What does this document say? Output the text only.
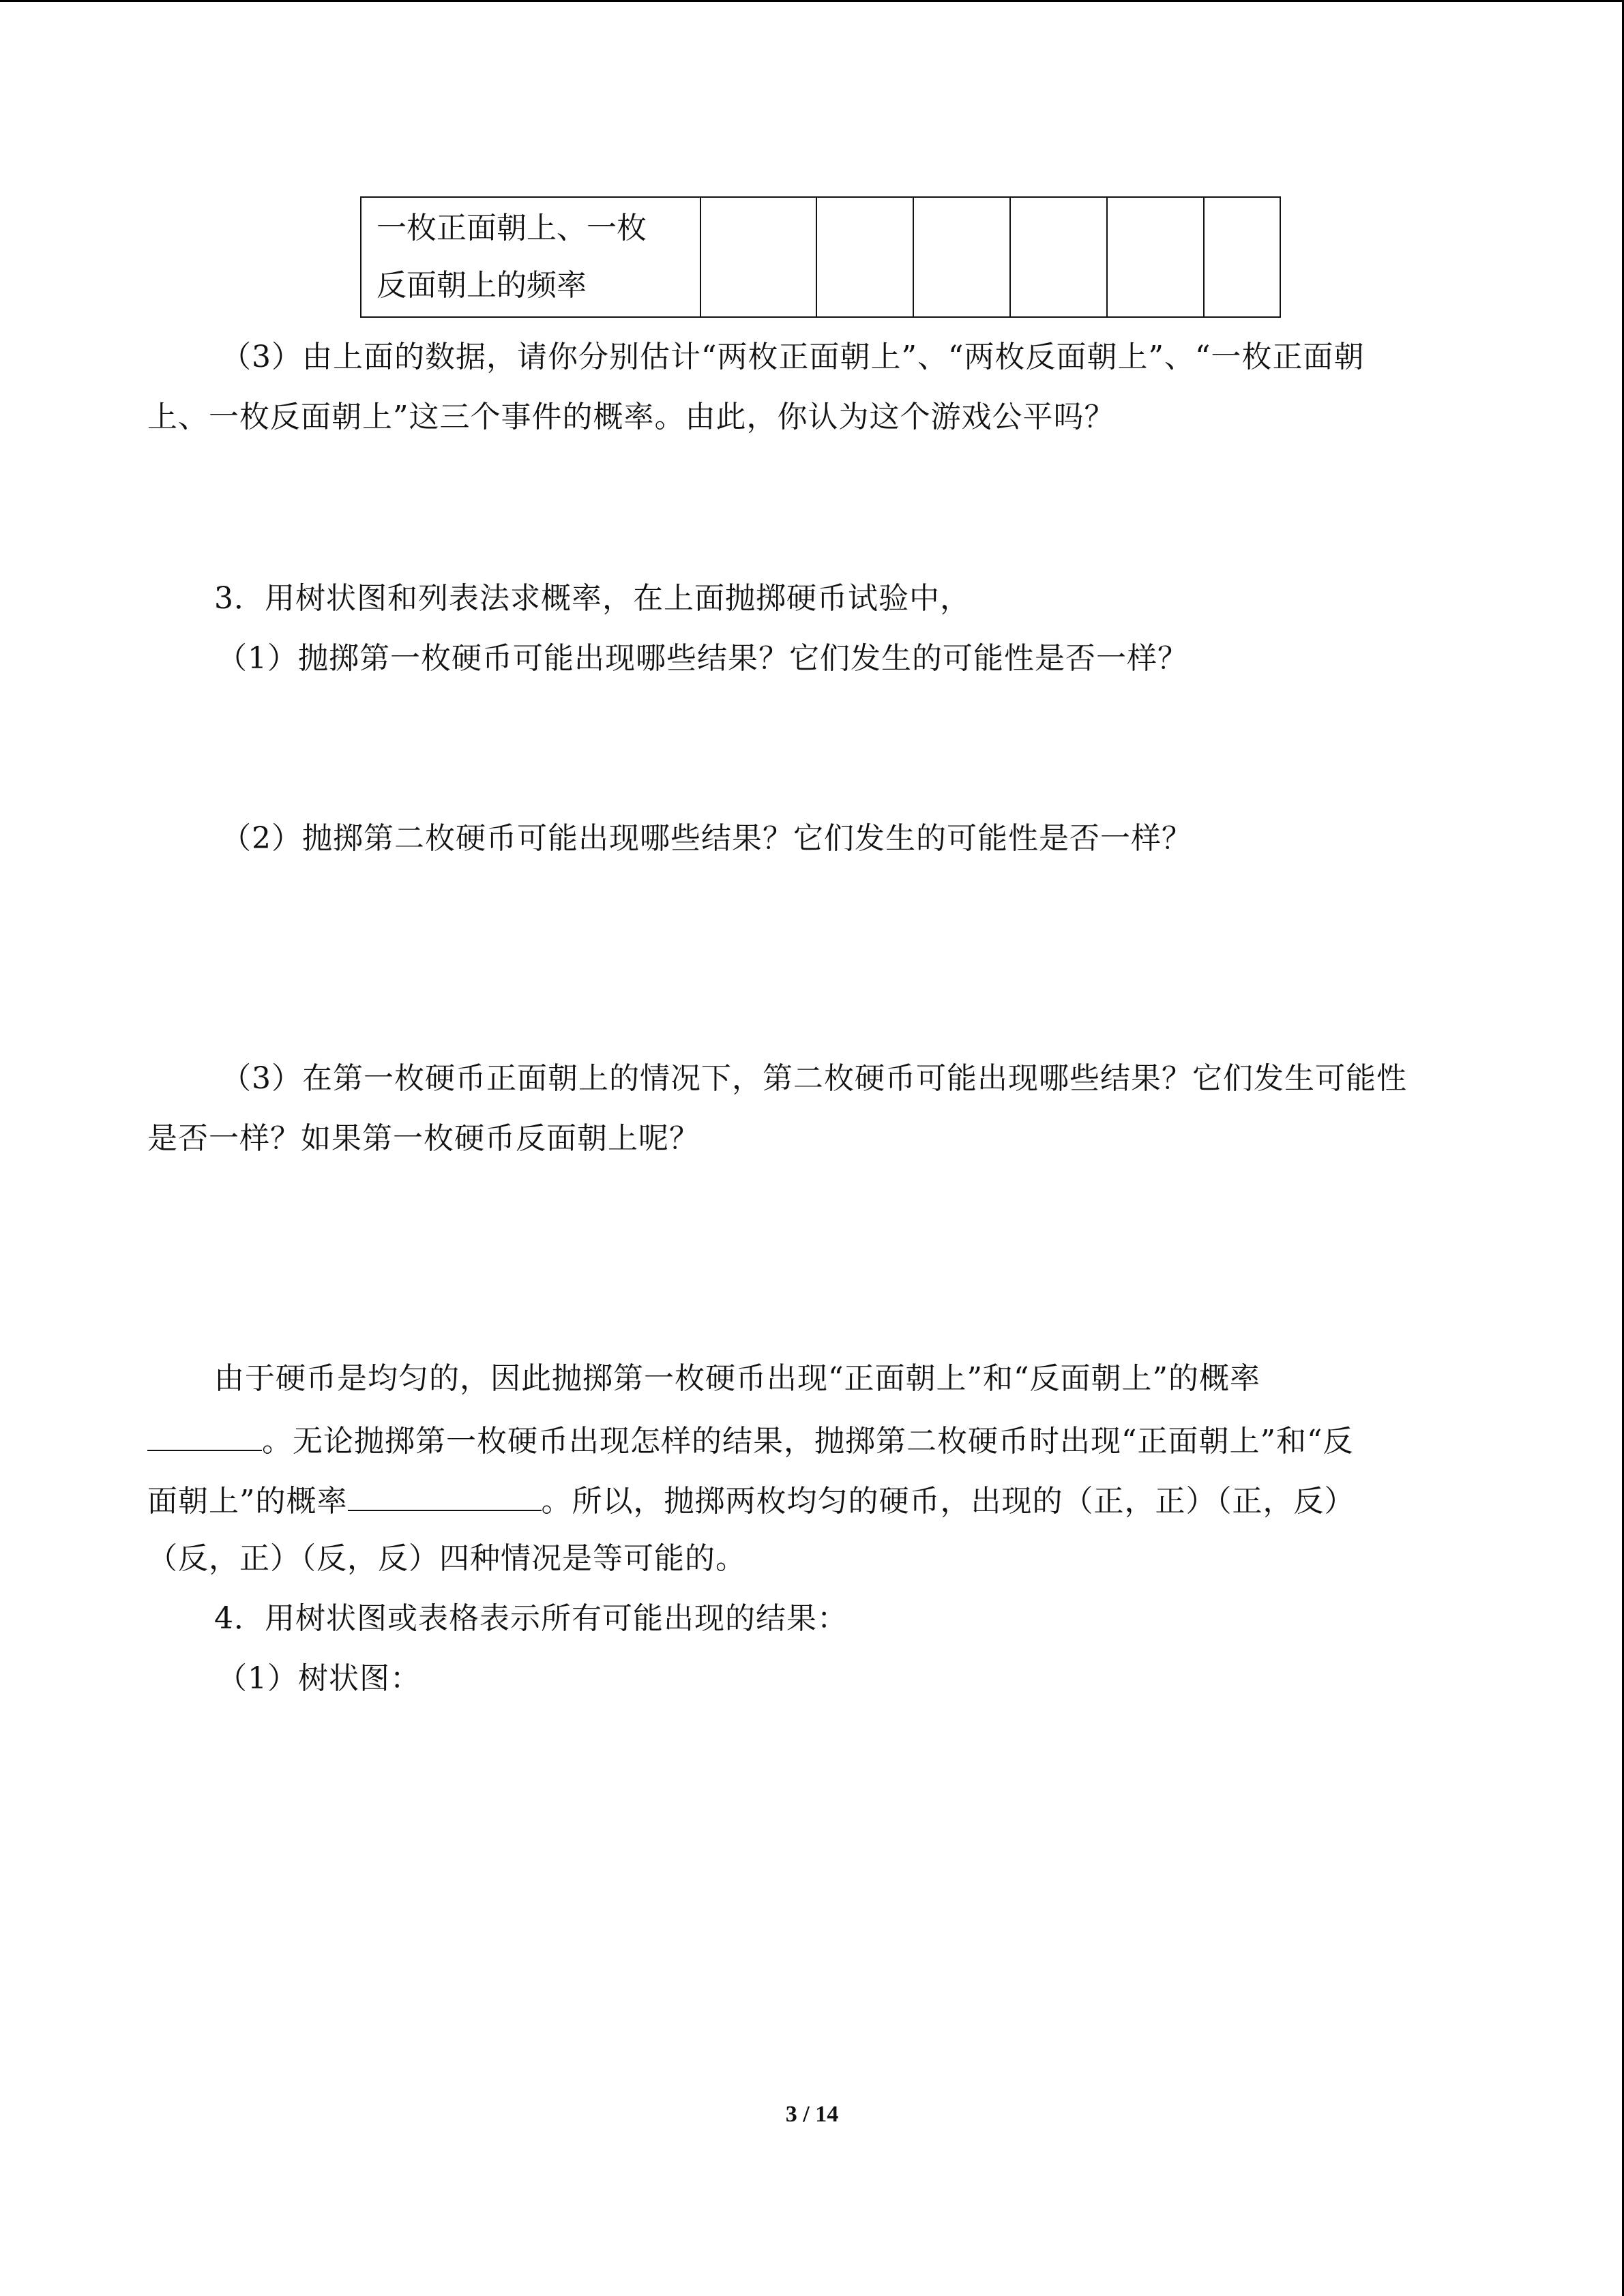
一枚正面朝上、一枚
反面朝上的频率

（3）由上面的数据，请你分别估计“两枚正面朝上”、“两枚反面朝上”、“一枚正面朝
上、一枚反面朝上”这三个事件的概率。由此，你认为这个游戏公平吗？
3．用树状图和列表法求概率，在上面抛掷硬币试验中，
（1）抛掷第一枚硬币可能出现哪些结果？它们发生的可能性是否一样？
（2）抛掷第二枚硬币可能出现哪些结果？它们发生的可能性是否一样？
（3）在第一枚硬币正面朝上的情况下，第二枚硬币可能出现哪些结果？它们发生可能性
是否一样？如果第一枚硬币反面朝上呢？
由于硬币是均匀的，因此抛掷第一枚硬币出现“正面朝上”和“反面朝上”的概率
。无论抛掷第一枚硬币出现怎样的结果，抛掷第二枚硬币时出现“正面朝上”和“反
面朝上”的概率	。所以，抛掷两枚均匀的硬币，出现的（正，正）（正，反）
（反，正）（反，反）四种情况是等可能的。
4．用树状图或表格表示所有可能出现的结果：
（1）树状图：
3 / 14
